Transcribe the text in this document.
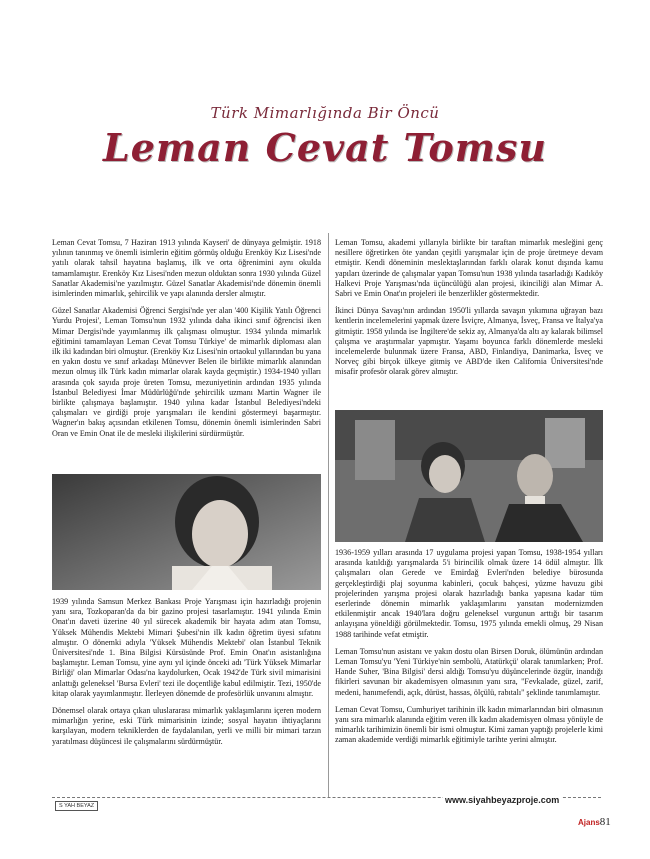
Türk Mimarlığında Bir Öncü
Leman Cevat Tomsu

Leman Cevat Tomsu, 7 Haziran 1913 yılında Kayseri' de dünyaya gelmiştir. 1918 yılının tanınmış ve önemli isimlerin eğitim görmüş olduğu Erenköy Kız Lisesi'nde yatılı olarak tahsil hayatına başlamış, ilk ve orta öğrenimini aynı okulda tamamlamıştır. Erenköy Kız Lisesi'nden mezun olduktan sonra 1930 yılında Güzel Sanatlar Akademisi'ne yazılmıştır. Güzel Sanatlar Akademisi'nde dönemin önemli isimlerinden mimarlık, şehircilik ve yapı alanında dersler almıştır.

Güzel Sanatlar Akademisi Öğrenci Sergisi'nde yer alan '400 Kişilik Yatılı Öğrenci Yurdu Projesi', Leman Tomsu'nun 1932 yılında daha ikinci sınıf öğrencisi iken Mimar Dergisi'nde yayımlanmış ilk çalışması olmuştur. 1934 yılında mimarlık eğitimini tamamlayan Leman Cevat Tomsu Türkiye' de mimarlık diploması alan ilk iki kadından biri olmuştur. (Erenköy Kız Lisesi'nin ortaokul yıllarından bu yana en yakın dostu ve sınıf arkadaşı Münevver Belen ile birlikte mimarlık alanından mezun olmuş ilk Türk kadın mimarlar olarak kayda geçmiştir.) 1934-1940 yılları arasında çok sayıda proje üreten Tomsu, mezuniyetinin ardından 1935 yılında İstanbul Belediyesi İmar Müdürlüğü'nde şehircilik uzmanı Martin Wagner ile birlikte çalışmaya başlamıştır. 1940 yılına kadar İstanbul Belediyesi'ndeki çalışmaları ve girdiği proje yarışmaları ile kendini göstermeyi başarmıştır. Wagner'ın bakış açısından etkilenen Tomsu, dönemin önemli isimlerinden Sabri Oran ve Emin Onat ile de mesleki ilişkilerini sürdürmüştür.

1939 yılında Samsun Merkez Bankası Proje Yarışması için hazırladığı projenin yanı sıra, Tozkoparan'da da bir gazino projesi tasarlamıştır. 1941 yılında Emin Onat'ın daveti üzerine 40 yıl sürecek akademik bir hayata adım atan Tomsu, Yüksek Mühendis Mektebi Mimari Şubesi'nin ilk kadın öğretim üyesi sıfatını almıştır. O dönemki adıyla 'Yüksek Mühendis Mektebi' olan İstanbul Teknik Üniversitesi'nde 1. Bina Bilgisi Kürsüsünde Prof. Emin Onat'ın asistanlığına başlamıştır. Leman Tomsu, yine aynı yıl içinde önceki adı 'Türk Yüksek Mimarlar Birliği' olan Mimarlar Odası'na kaydolurken, Ocak 1942'de Türk sivil mimarisini anlattığı geleneksel 'Bursa Evleri' tezi ile doçentliğe kabul edilmiştir. Tezi, 1950'de kitap olarak yayımlanmıştır. İlerleyen dönemde de profesörlük unvanını almıştır.

Dönemsel olarak ortaya çıkan uluslararası mimarlık yaklaşımlarını içeren modern mimarlığın yerine, eski Türk mimarisinin izinde; sosyal hayatın ihtiyaçlarını karşılayan, modern tekniklerden de faydalanılan, yerli ve milli bir mimari tarzın yaratılması düşüncesi ile çalışmalarını sürdürmüştür.

Leman Tomsu, akademi yıllarıyla birlikte bir taraftan mimarlık mesleğini genç nesillere öğretirken öte yandan çeşitli yarışmalar için de proje üretmeye devam etmiştir. Kendi döneminin meslektaşlarından farklı olarak konut dışında kamu yapıları üzerinde de çalışmalar yapan Tomsu'nun 1938 yılında tasarladığı Kadıköy Halkevi Proje Yarışması'nda üçüncülüğü alan projesi, ikinciliği alan Mimar A. Sabri ve Emin Onat'ın projeleri ile benzerlikler göstermektedir.

İkinci Dünya Savaşı'nın ardından 1950'li yıllarda savaşın yıkımına uğrayan bazı kentlerin incelemelerini yapmak üzere İsviçre, Almanya, İsveç, Fransa ve İtalya'ya gitmiştir. 1958 yılında ise İngiltere'de sekiz ay, Almanya'da altı ay kalarak bilimsel çalışma ve araştırmalar yapmıştır. Yaşamı boyunca farklı dönemlerde mesleki incelemelerde bulunmak üzere Fransa, ABD, Finlandiya, Danimarka, İsveç ve Norveç gibi birçok ülkeye gitmiş ve ABD'de iken California Üniversitesi'nde misafir profesör olarak görev almıştır.

1936-1959 yılları arasında 17 uygulama projesi yapan Tomsu, 1938-1954 yılları arasında katıldığı yarışmalarda 5'i birincilik olmak üzere 14 ödül almıştır. İlk çalışmaları olan Gerede ve Emirdağ Evleri'nden belediye bürosunda gerçekleştirdiği plaj soyunma kabinleri, çocuk bahçesi, yüzme havuzu gibi projelerinden yarışma projesi olarak hazırladığı banka yapısına kadar tüm eserlerinde dönemin mimarlık yaklaşımlarını yansıtan modernizmden etkilenmiştir ancak 1940'lara doğru geleneksel vurgunun arttığı bir tasarım anlayışına yöneldiği görülmektedir. Tomsu, 1975 yılında emekli olmuş, 29 Nisan 1988 tarihinde vefat etmiştir.

Leman Tomsu'nun asistanı ve yakın dostu olan Birsen Doruk, ölümünün ardından Leman Tomsu'yu 'Yeni Türkiye'nin sembolü, Atatürkçü' olarak tanımlarken; Prof. Hande Suher, 'Bina Bilgisi' dersi aldığı Tomsu'yu düşüncelerinde özgür, inandığı fikirleri savunan bir akademisyen olmasının yanı sıra, "Fevkalade, güzel, zarif, medeni, hanımefendi, açık, dürüst, hassas, ölçülü, rabıtalı" şeklinde tanımlamıştır.

Leman Cevat Tomsu, Cumhuriyet tarihinin ilk kadın mimarlarından biri olmasının yanı sıra mimarlık alanında eğitim veren ilk kadın akademisyen olması yönüyle de mimarlık tarihimizin önemli bir ismi olmuştur. Kimi zaman yaptığı projelerle kimi zaman akademide verdiği mimarlık eğitimiyle tarihte yerini almıştır.

S YAH BEYAZ
www.siyahbeyazproje.com
Ajans81
